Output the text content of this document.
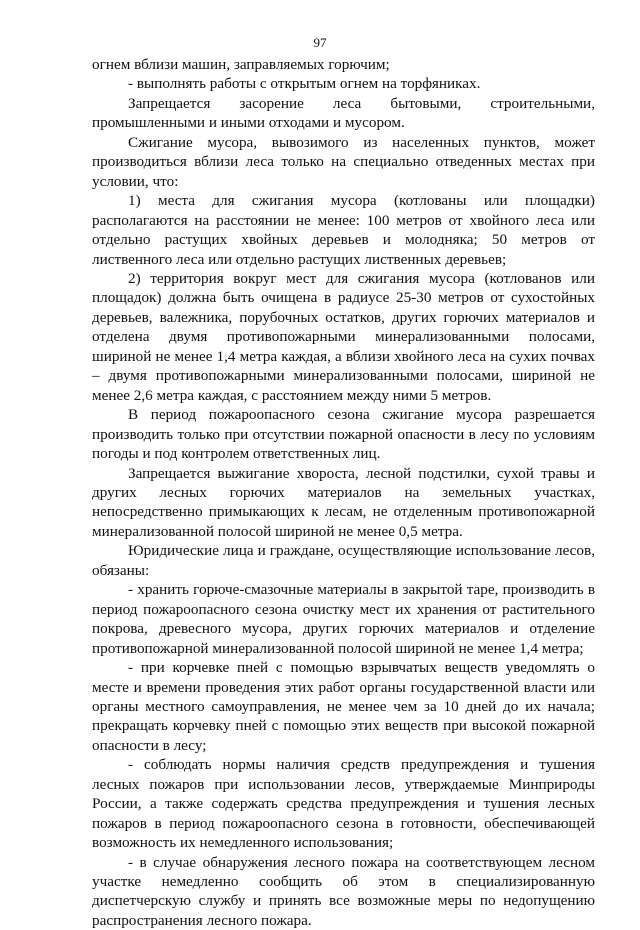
97

огнем вблизи машин, заправляемых горючим;

- выполнять работы с открытым огнем на торфяниках.

Запрещается засорение леса бытовыми, строительными, промышленными и иными отходами и мусором.

Сжигание мусора, вывозимого из населенных пунктов, может производиться вблизи леса только на специально отведенных местах при условии, что:

1) места для сжигания мусора (котлованы или площадки) располагаются на расстоянии не менее: 100 метров от хвойного леса или отдельно растущих хвойных деревьев и молодняка; 50 метров от лиственного леса или отдельно растущих лиственных деревьев;

2) территория вокруг мест для сжигания мусора (котлованов или площадок) должна быть очищена в радиусе 25-30 метров от сухостойных деревьев, валежника, порубочных остатков, других горючих материалов и отделена двумя противопожарными минерализованными полосами, шириной не менее 1,4 метра каждая, а вблизи хвойного леса на сухих почвах – двумя противопожарными минерализованными полосами, шириной не менее 2,6 метра каждая, с расстоянием между ними 5 метров.

В период пожароопасного сезона сжигание мусора разрешается производить только при отсутствии пожарной опасности в лесу по условиям погоды и под контролем ответственных лиц.

Запрещается выжигание хвороста, лесной подстилки, сухой травы и других лесных горючих материалов на земельных участках, непосредственно примыкающих к лесам, не отделенным противопожарной минерализованной полосой шириной не менее 0,5 метра.

Юридические лица и граждане, осуществляющие использование лесов, обязаны:

- хранить горюче-смазочные материалы в закрытой таре, производить в период пожароопасного сезона очистку мест их хранения от растительного покрова, древесного мусора, других горючих материалов и отделение противопожарной минерализованной полосой шириной не менее 1,4 метра;

- при корчевке пней с помощью взрывчатых веществ уведомлять о месте и времени проведения этих работ органы государственной власти или органы местного самоуправления, не менее чем за 10 дней до их начала; прекращать корчевку пней с помощью этих веществ при высокой пожарной опасности в лесу;

- соблюдать нормы наличия средств предупреждения и тушения лесных пожаров при использовании лесов, утверждаемые Минприроды России, а также содержать средства предупреждения и тушения лесных пожаров в период пожароопасного сезона в готовности, обеспечивающей возможность их немедленного использования;

- в случае обнаружения лесного пожара на соответствующем лесном участке немедленно сообщить об этом в специализированную диспетчерскую службу и принять все возможные меры по недопущению распространения лесного пожара.
